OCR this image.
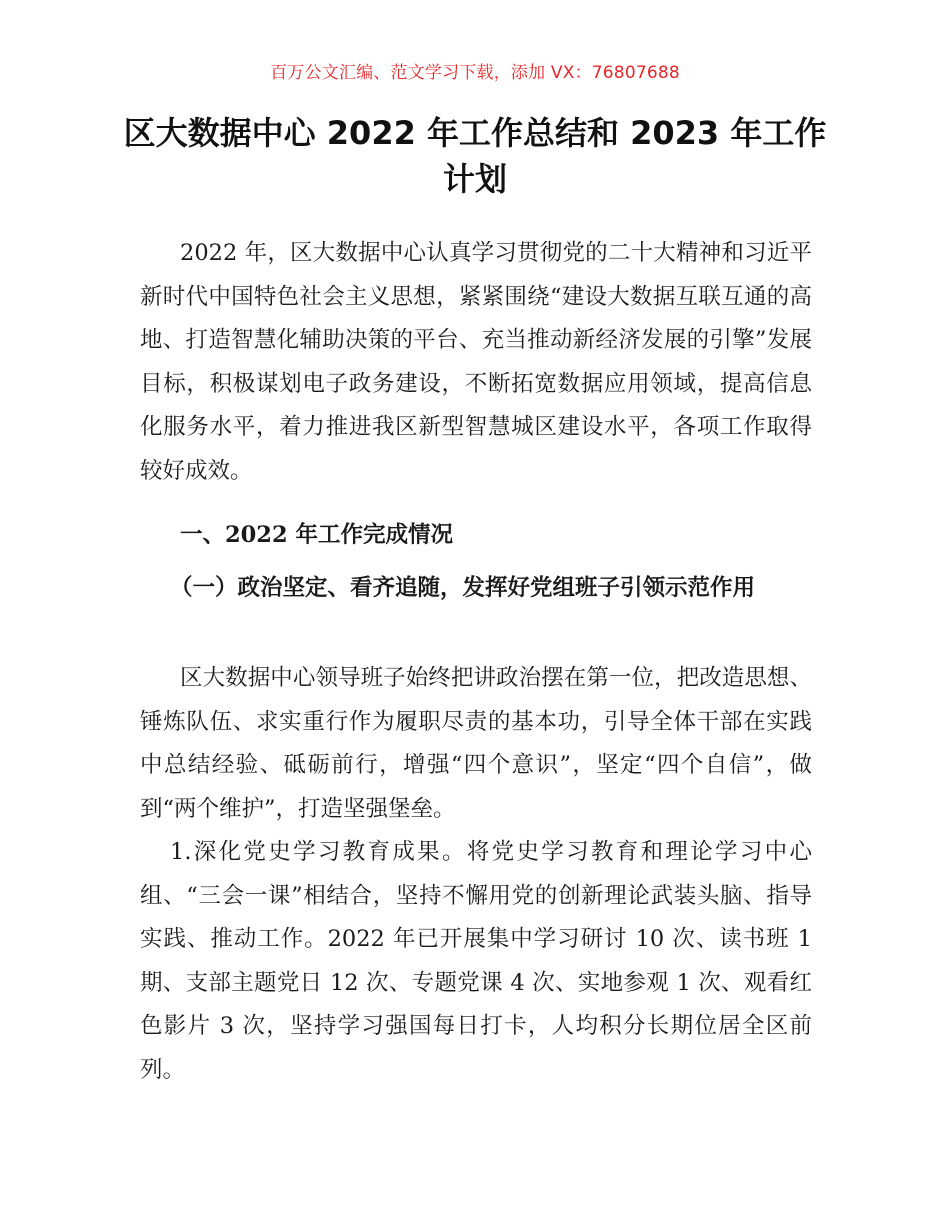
百万公文汇编、范文学习下载，添加 VX：76807688
区大数据中心 2022 年工作总结和 2023 年工作计划

2022 年，区大数据中心认真学习贯彻党的二十大精神和习近平新时代中国特色社会主义思想，紧紧围绕“建设大数据互联互通的高地、打造智慧化辅助决策的平台、充当推动新经济发展的引擎”发展目标，积极谋划电子政务建设，不断拓宽数据应用领域，提高信息化服务水平，着力推进我区新型智慧城区建设水平，各项工作取得较好成效。

一、2022 年工作完成情况

（一）政治坚定、看齐追随，发挥好党组班子引领示范作用

区大数据中心领导班子始终把讲政治摆在第一位，把改造思想、锤炼队伍、求实重行作为履职尽责的基本功，引导全体干部在实践中总结经验、砥砺前行，增强“四个意识”，坚定“四个自信”，做到“两个维护”，打造坚强堡垒。

1.深化党史学习教育成果。将党史学习教育和理论学习中心组、“三会一课”相结合，坚持不懈用党的创新理论武装头脑、指导实践、推动工作。2022 年已开展集中学习研讨 10 次、读书班 1 期、支部主题党日 12 次、专题党课 4 次、实地参观 1 次、观看红色影片 3 次，坚持学习强国每日打卡，人均积分长期位居全区前列。
